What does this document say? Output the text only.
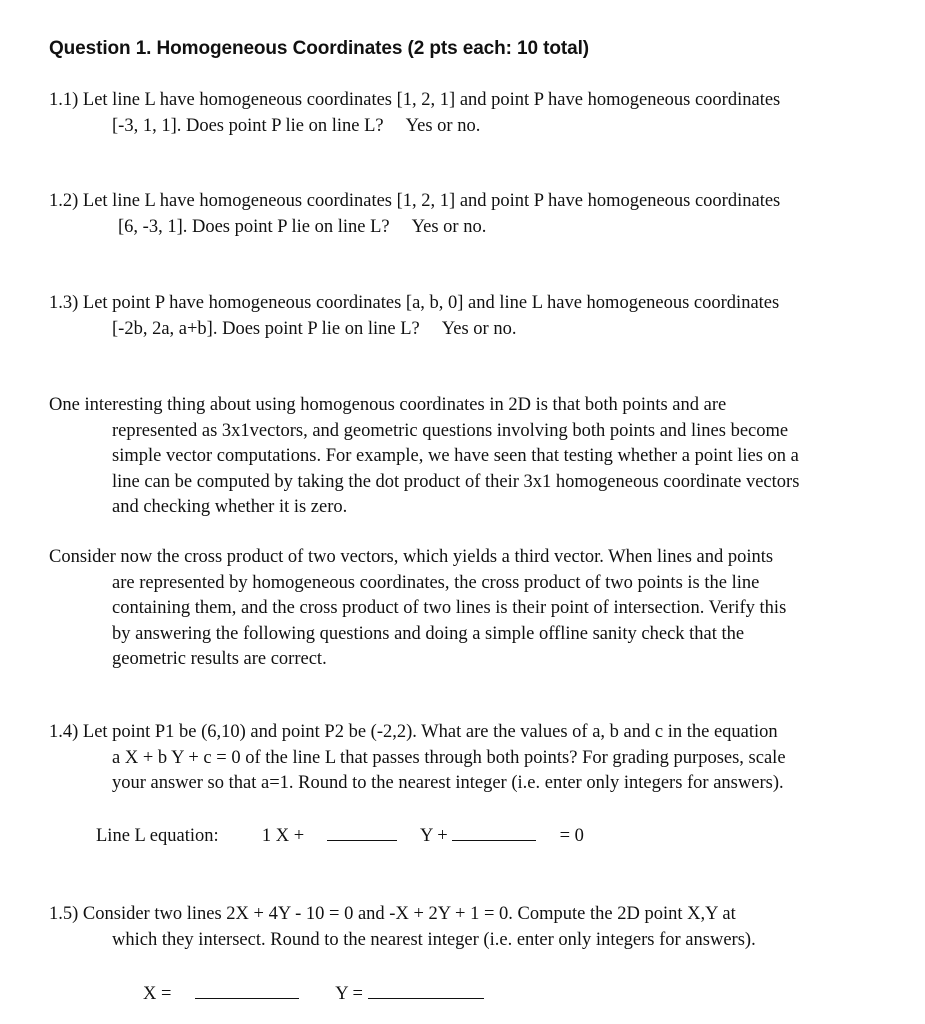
Question 1. Homogeneous Coordinates (2 pts each: 10 total)
1.1) Let line L have homogeneous coordinates [1, 2, 1] and point P have homogeneous coordinates
[-3, 1, 1]. Does point P lie on line L? Yes or no.
1.2) Let line L have homogeneous coordinates [1, 2, 1] and point P have homogeneous coordinates
[6, -3, 1]. Does point P lie on line L? Yes or no.
1.3) Let point P have homogeneous coordinates [a, b, 0] and line L have homogeneous coordinates
[-2b, 2a, a+b]. Does point P lie on line L? Yes or no.
One interesting thing about using homogenous coordinates in 2D is that both points and are
represented as 3x1vectors, and geometric questions involving both points and lines become
simple vector computations. For example, we have seen that testing whether a point lies on a
line can be computed by taking the dot product of their 3x1 homogeneous coordinate vectors
and checking whether it is zero.
Consider now the cross product of two vectors, which yields a third vector. When lines and points
are represented by homogeneous coordinates, the cross product of two points is the line
containing them, and the cross product of two lines is their point of intersection. Verify this
by answering the following questions and doing a simple offline sanity check that the
geometric results are correct.
1.4) Let point P1 be (6,10) and point P2 be (-2,2). What are the values of a, b and c in the equation
a X + b Y + c = 0 of the line L that passes through both points? For grading purposes, scale
your answer so that a=1. Round to the nearest integer (i.e. enter only integers for answers).
Line L equation: 1 X +	Y +	= 0
1.5) Consider two lines 2X + 4Y - 10 = 0 and -X + 2Y + 1 = 0. Compute the 2D point X,Y at
which they intersect. Round to the nearest integer (i.e. enter only integers for answers).
X =	Y =
